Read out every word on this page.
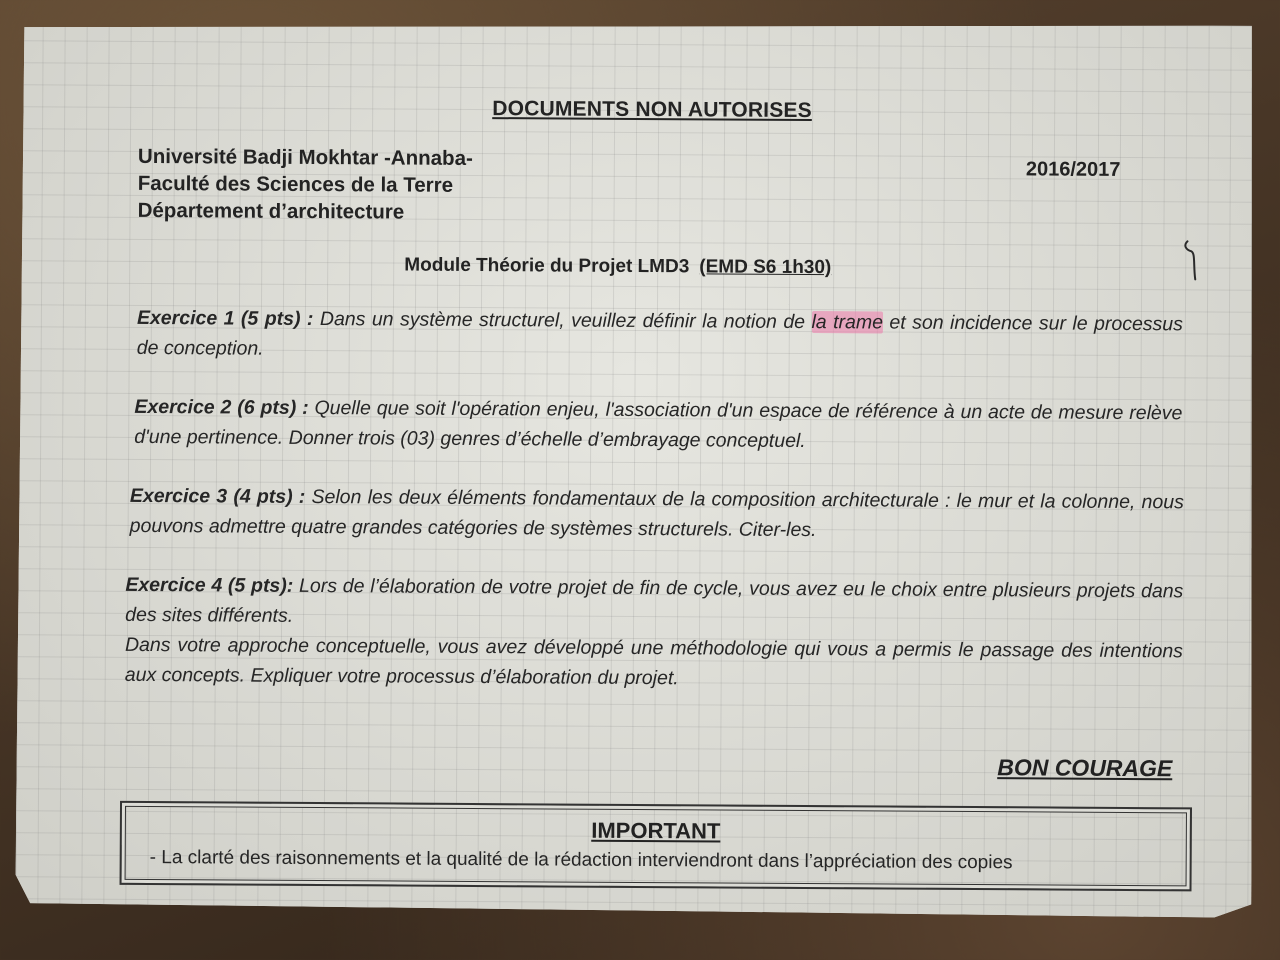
DOCUMENTS NON AUTORISES
Université Badji Mokhtar -Annaba-
Faculté des Sciences de la Terre
Département d’architecture
2016/2017
Module Théorie du Projet LMD3 (EMD S6 1h30)
Exercice 1 (5 pts) : Dans un système structurel, veuillez définir la notion de la trame et son incidence sur le processus de conception.
Exercice 2 (6 pts) : Quelle que soit l'opération enjeu, l'association d'un espace de référence à un acte de mesure relève d'une pertinence. Donner trois (03) genres d’échelle d’embrayage conceptuel.
Exercice 3 (4 pts) : Selon les deux éléments fondamentaux de la composition architecturale : le mur et la colonne, nous pouvons admettre quatre grandes catégories de systèmes structurels. Citer-les.
Exercice 4 (5 pts): Lors de l’élaboration de votre projet de fin de cycle, vous avez eu le choix entre plusieurs projets dans des sites différents.
Dans votre approche conceptuelle, vous avez développé une méthodologie qui vous a permis le passage des intentions aux concepts. Expliquer votre processus d’élaboration du projet.
BON COURAGE
IMPORTANT
- La clarté des raisonnements et la qualité de la rédaction interviendront dans l’appréciation des copies
